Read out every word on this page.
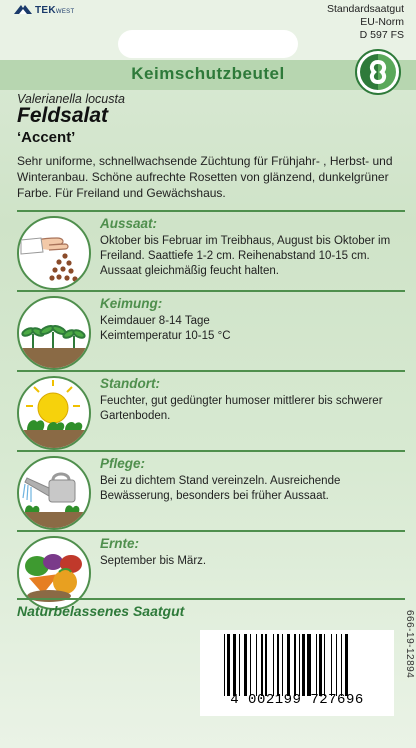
TEKWEST	Standardsaatgut
EU-Norm
D 597 FS
Keimschutzbeutel
Valerianella locusta
Feldsalat
‘Accent’
Sehr uniforme, schnellwachsende Züchtung für Frühjahr- , Herbst- und Winteranbau. Schöne aufrechte Rosetten von glänzend, dunkelgrüner Farbe. Für Freiland und Gewächshaus.
Aussaat:
Oktober bis Februar im Treibhaus, August bis Oktober im Freiland. Saattiefe 1-2 cm. Reihenabstand 10-15 cm. Aussaat gleichmäßig feucht halten.
Keimung:
Keimdauer 8-14 Tage
Keimtemperatur 10-15 °C
Standort:
Feuchter, gut gedüngter humoser mittlerer bis schwerer Gartenboden.
Pflege:
Bei zu dichtem Stand vereinzeln. Ausreichende Bewässerung, besonders bei früher Aussaat.
Ernte:
September bis März.
Naturbelassenes Saatgut
4 002199 727696
666-19-12894
